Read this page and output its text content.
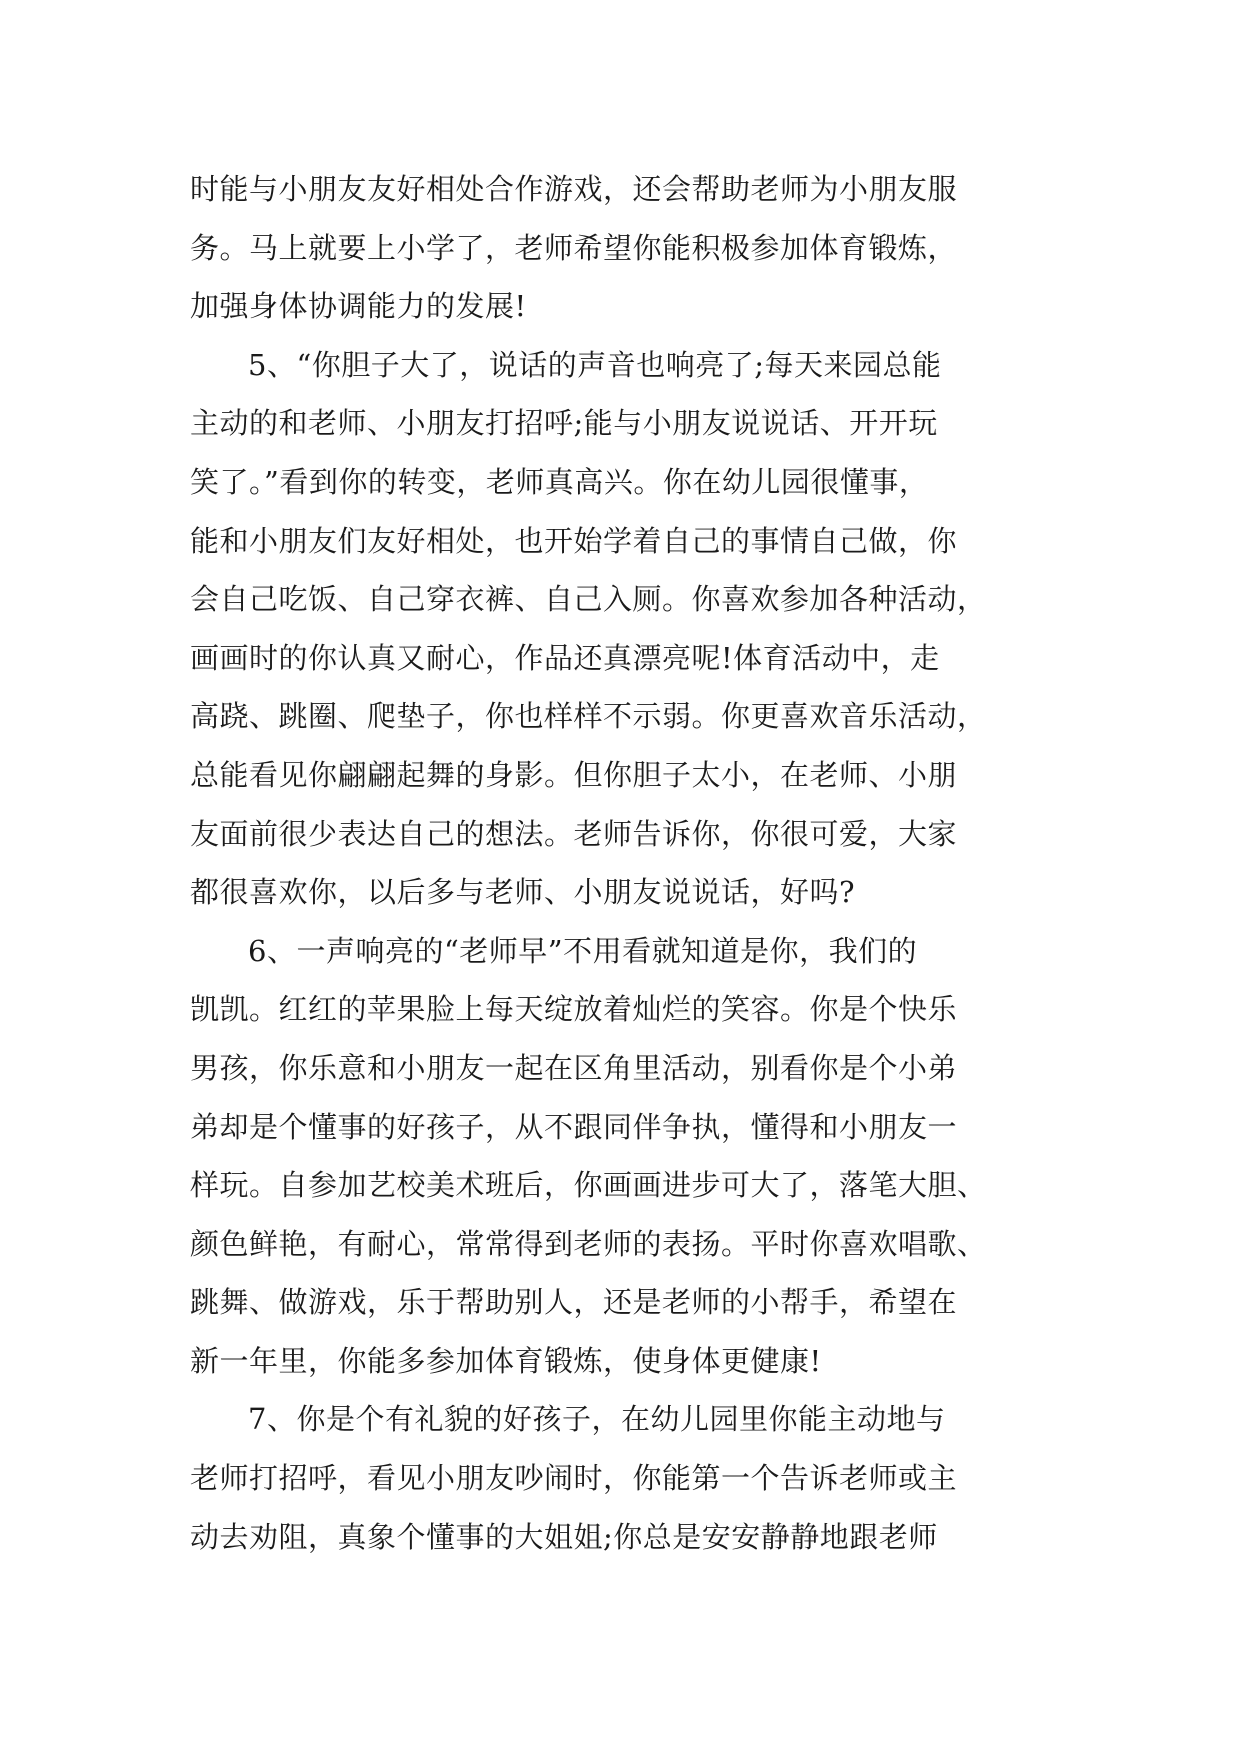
时能与小朋友友好相处合作游戏，还会帮助老师为小朋友服
务。马上就要上小学了，老师希望你能积极参加体育锻炼，
加强身体协调能力的发展!
5、“你胆子大了，说话的声音也响亮了;每天来园总能
主动的和老师、小朋友打招呼;能与小朋友说说话、开开玩
笑了。”看到你的转变，老师真高兴。你在幼儿园很懂事，
能和小朋友们友好相处，也开始学着自己的事情自己做，你
会自己吃饭、自己穿衣裤、自己入厕。你喜欢参加各种活动，
画画时的你认真又耐心，作品还真漂亮呢!体育活动中，走
高跷、跳圈、爬垫子，你也样样不示弱。你更喜欢音乐活动，
总能看见你翩翩起舞的身影。但你胆子太小，在老师、小朋
友面前很少表达自己的想法。老师告诉你，你很可爱，大家
都很喜欢你，以后多与老师、小朋友说说话，好吗?
6、一声响亮的“老师早”不用看就知道是你，我们的
凯凯。红红的苹果脸上每天绽放着灿烂的笑容。你是个快乐
男孩，你乐意和小朋友一起在区角里活动，别看你是个小弟
弟却是个懂事的好孩子，从不跟同伴争执，懂得和小朋友一
样玩。自参加艺校美术班后，你画画进步可大了，落笔大胆、
颜色鲜艳，有耐心，常常得到老师的表扬。平时你喜欢唱歌、
跳舞、做游戏，乐于帮助别人，还是老师的小帮手，希望在
新一年里，你能多参加体育锻炼，使身体更健康!
7、你是个有礼貌的好孩子，在幼儿园里你能主动地与
老师打招呼，看见小朋友吵闹时，你能第一个告诉老师或主
动去劝阻，真象个懂事的大姐姐;你总是安安静静地跟老师
